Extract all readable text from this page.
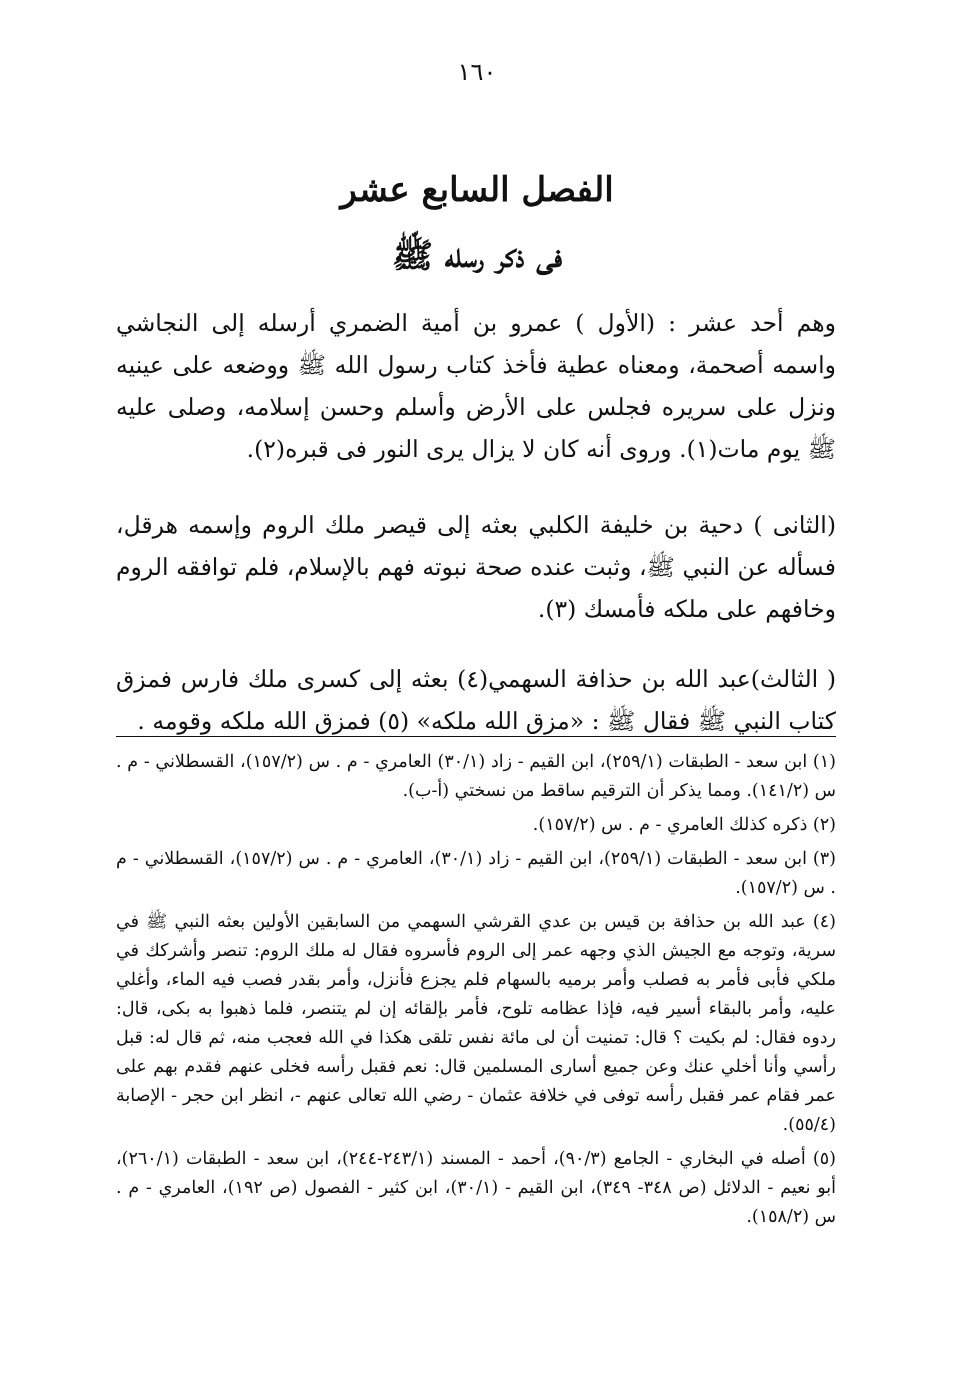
١٦٠
الفصل السابع عشر
فى ذكر رسله ﷺ

وهم أحد عشر : (الأول ) عمرو بن أمية الضمري أرسله إلى النجاشي واسمه أصحمة، ومعناه عطية فأخذ كتاب رسول الله ﷺ ووضعه على عينيه ونزل على سريره فجلس على الأرض وأسلم وحسن إسلامه، وصلى عليه ﷺ يوم مات(١). وروى أنه كان لا يزال يرى النور فى قبره(٢).

(الثانى ) دحية بن خليفة الكلبي بعثه إلى قيصر ملك الروم وإسمه هرقل، فسأله عن النبي ﷺ، وثبت عنده صحة نبوته فهم بالإسلام، فلم توافقه الروم وخافهم على ملكه فأمسك (٣).

( الثالث)عبد الله بن حذافة السهمي(٤) بعثه إلى كسرى ملك فارس فمزق كتاب النبي ﷺ فقال ﷺ : «مزق الله ملكه» (٥) فمزق الله ملكه وقومه .

(١) ابن سعد - الطبقات (٢٥٩/١)، ابن القيم - زاد (٣٠/١) العامري - م . س (١٥٧/٢)، القسطلاني - م . س (١٤١/٢). ومما يذكر أن الترقيم ساقط من نسختي (أ-ب).

(٢) ذكره كذلك العامري - م . س (١٥٧/٢).

(٣) ابن سعد - الطبقات (٢٥٩/١)، ابن القيم - زاد (٣٠/١)، العامري - م . س (١٥٧/٢)، القسطلاني - م . س (١٥٧/٢).

(٤) عبد الله بن حذافة بن قيس بن عدي القرشي السهمي من السابقين الأولين بعثه النبي ﷺ في سرية، وتوجه مع الجيش الذي وجهه عمر إلى الروم فأسروه فقال له ملك الروم: تنصر وأشركك في ملكي فأبى فأمر به فصلب وأمر برميه بالسهام فلم يجزع فأنزل، وأمر بقدر فصب فيه الماء، وأغلي عليه، وأمر بالبقاء أسير فيه، فإذا عظامه تلوح، فأمر بإلقائه إن لم يتنصر، فلما ذهبوا به بكى، قال: ردوه فقال: لم بكيت ؟ قال: تمنيت أن لى مائة نفس تلقى هكذا في الله فعجب منه، ثم قال له: قبل رأسي وأنا أخلي عنك وعن جميع أسارى المسلمين قال: نعم فقبل رأسه فخلى عنهم فقدم بهم على عمر فقام عمر فقبل رأسه توفى في خلافة عثمان - رضي الله تعالى عنهم -، انظر ابن حجر - الإصابة (٥٥/٤).

(٥) أصله في البخاري - الجامع (٩٠/٣)، أحمد - المسند (٢٤٣/١-٢٤٤)، ابن سعد - الطبقات (٢٦٠/١)، أبو نعيم - الدلائل (ص ٣٤٨- ٣٤٩)، ابن القيم - (٣٠/١)، ابن كثير - الفصول (ص ١٩٢)، العامري - م . س (١٥٨/٢).
